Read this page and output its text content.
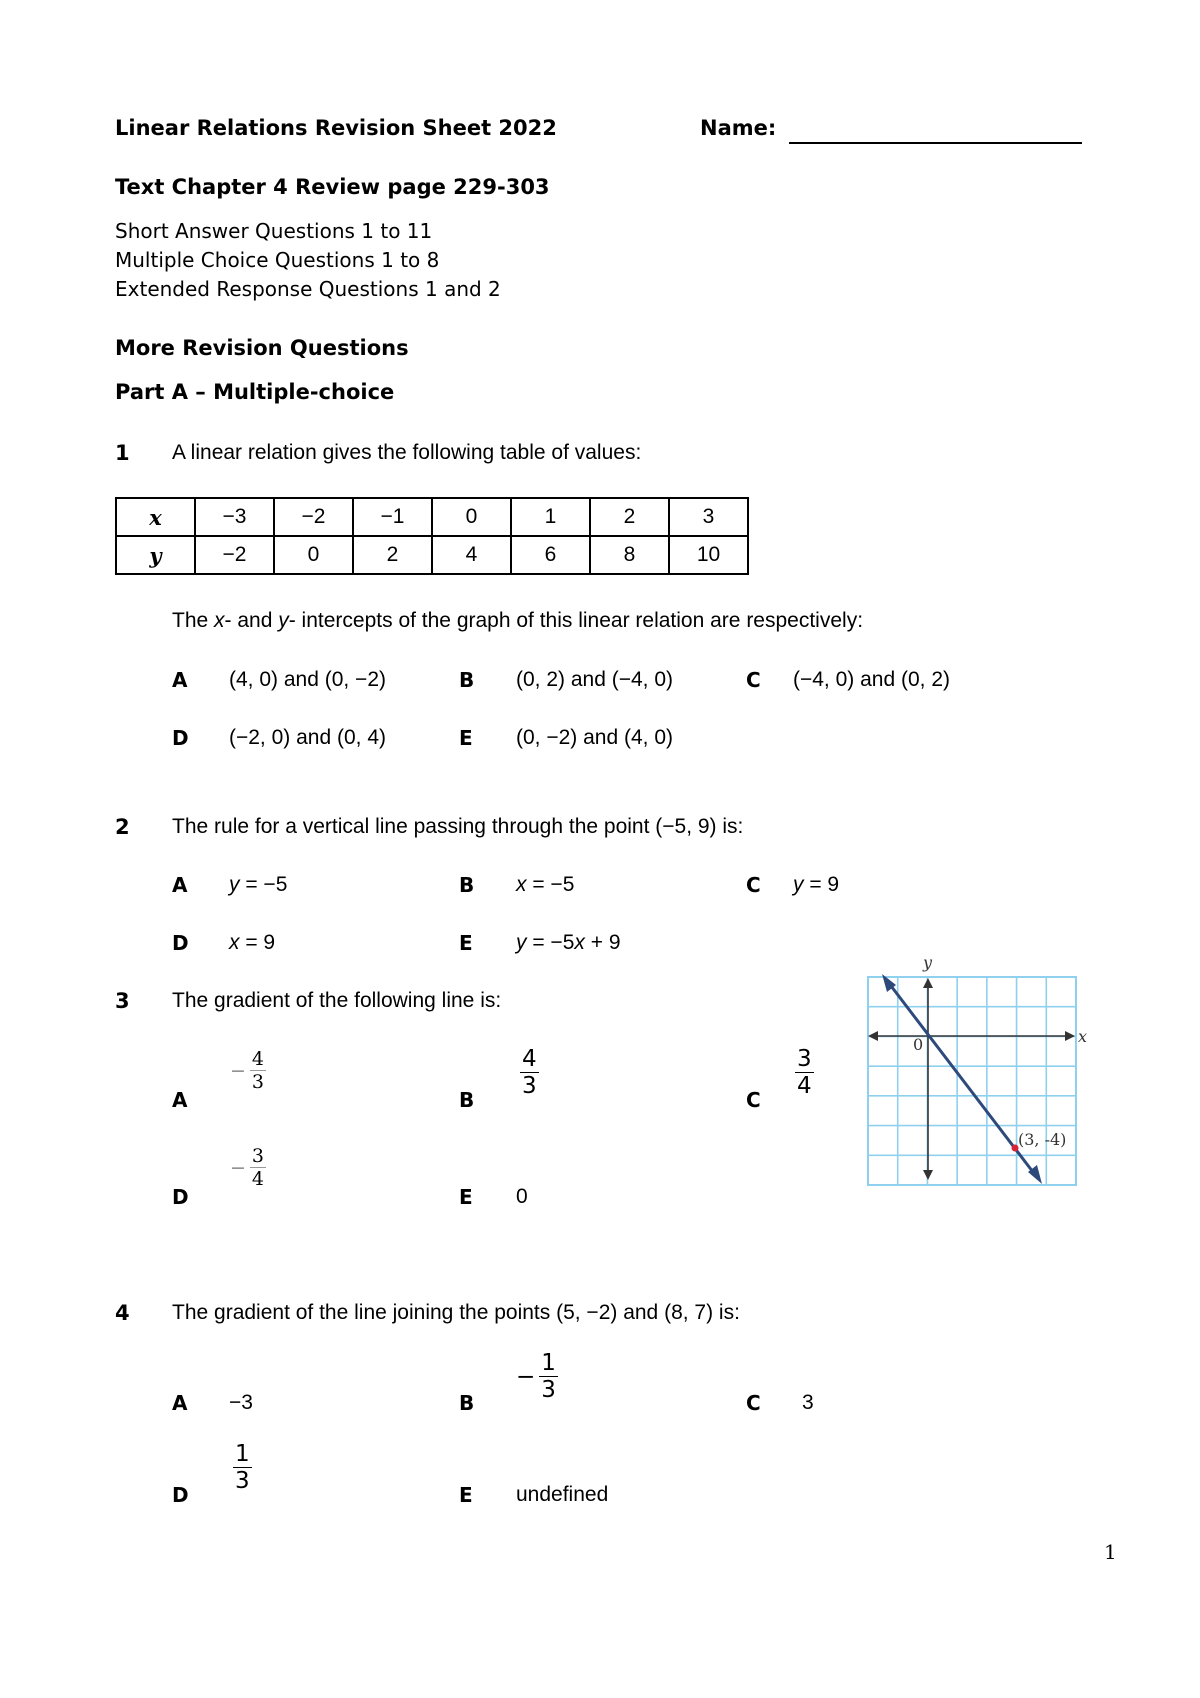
Linear Relations Revision Sheet 2022	Name:
Text Chapter 4 Review page 229-303
Short Answer Questions 1 to 11
Multiple Choice Questions 1 to 8
Extended Response Questions 1 and 2
More Revision Questions
Part A – Multiple-choice
1 A linear relation gives the following table of values:
x	−3	−2	−1	0	1	2	3
y	−2	0	2	4	6	8	10
The x- and y- intercepts of the graph of this linear relation are respectively:
A (4, 0) and (0, −2)	B (0, 2) and (−4, 0)	C (−4, 0) and (0, 2)
D (−2, 0) and (0, 4)	E (0, −2) and (4, 0)
2 The rule for a vertical line passing through the point (−5, 9) is:
A y = −5	B x = −5	C y = 9
D x = 9	E y = −5x + 9
3 The gradient of the following line is:
A
−
4
3
B
4
3
C
3
4
D
−
3
4
E 0
x
y
0
(3, -4)
4 The gradient of the line joining the points (5, −2) and (8, 7) is:
A −3	B
−
1
3	C 3
D
1
3
E undefined
1
